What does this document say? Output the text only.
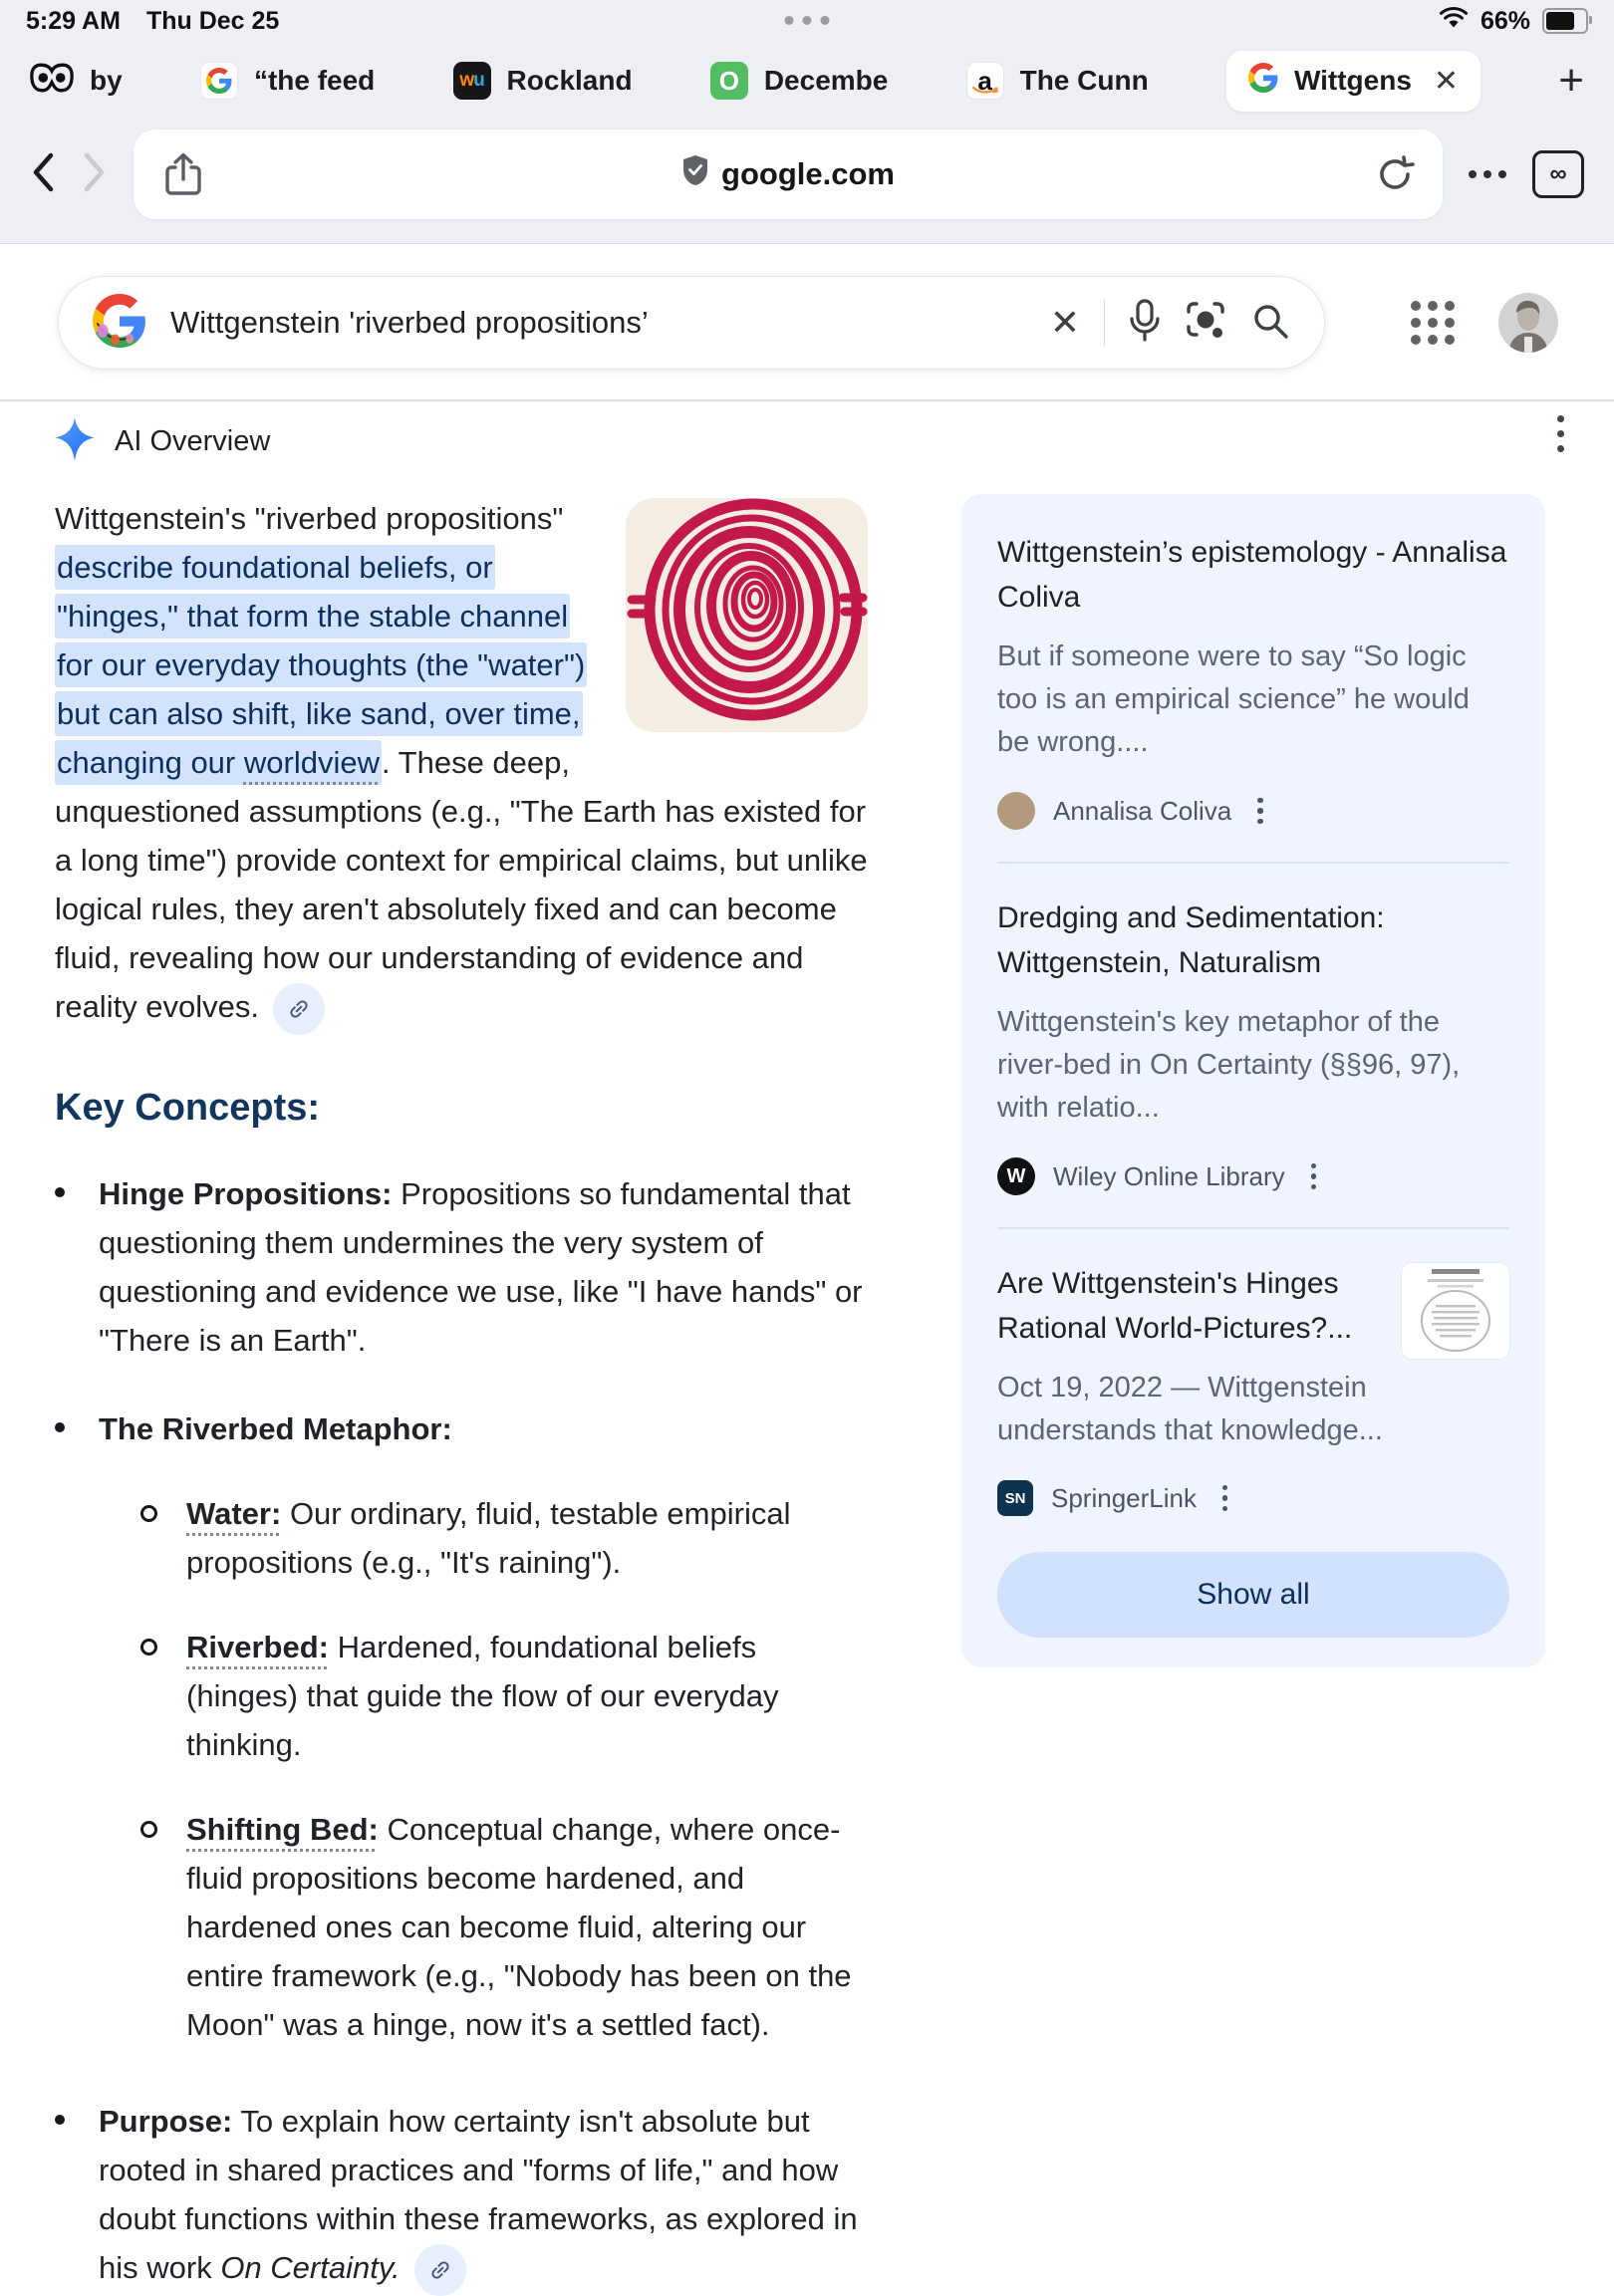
5:29 AM Thu Dec 25	66%
by	“the feed	w u Rockland	O Decembe	a The Cunn	Wittgens ✕ +
google.com	∞
Wittgenstein 'riverbed propositions’	✕
AI Overview

Wittgenstein's "riverbed propositions" describe foundational beliefs, or "hinges," that form the stable channel for our everyday thoughts (the "water") but can also shift, like sand, over time, changing our worldview. These deep, unquestioned assumptions (e.g., "The Earth has existed for a long time") provide context for empirical claims, but unlike logical rules, they aren't absolutely fixed and can become fluid, revealing how our understanding of evidence and reality evolves.

Key Concepts:
Hinge Propositions: Propositions so fundamental that questioning them undermines the very system of questioning and evidence we use, like "I have hands" or "There is an Earth".
The Riverbed Metaphor:
Water: Our ordinary, fluid, testable empirical propositions (e.g., "It's raining").
Riverbed: Hardened, foundational beliefs (hinges) that guide the flow of our everyday thinking.
Shifting Bed: Conceptual change, where once-fluid propositions become hardened, and hardened ones can become fluid, altering our entire framework (e.g., "Nobody has been on the Moon" was a hinge, now it's a settled fact).
Purpose: To explain how certainty isn't absolute but rooted in shared practices and "forms of life," and how doubt functions within these frameworks, as explored in his work On Certainty.
Wittgenstein’s epistemology - Annalisa Coliva
But if someone were to say “So logic too is an empirical science” he would be wrong....
Annalisa Coliva
Dredging and Sedimentation: Wittgenstein, Naturalism
Wittgenstein's key metaphor of the river-bed in On Certainty (§§96, 97), with relatio...
W	Wiley Online Library
Are Wittgenstein's Hinges Rational World-Pictures?...
Oct 19, 2022 — Wittgenstein understands that knowledge...
SN SpringerLink
Show all
